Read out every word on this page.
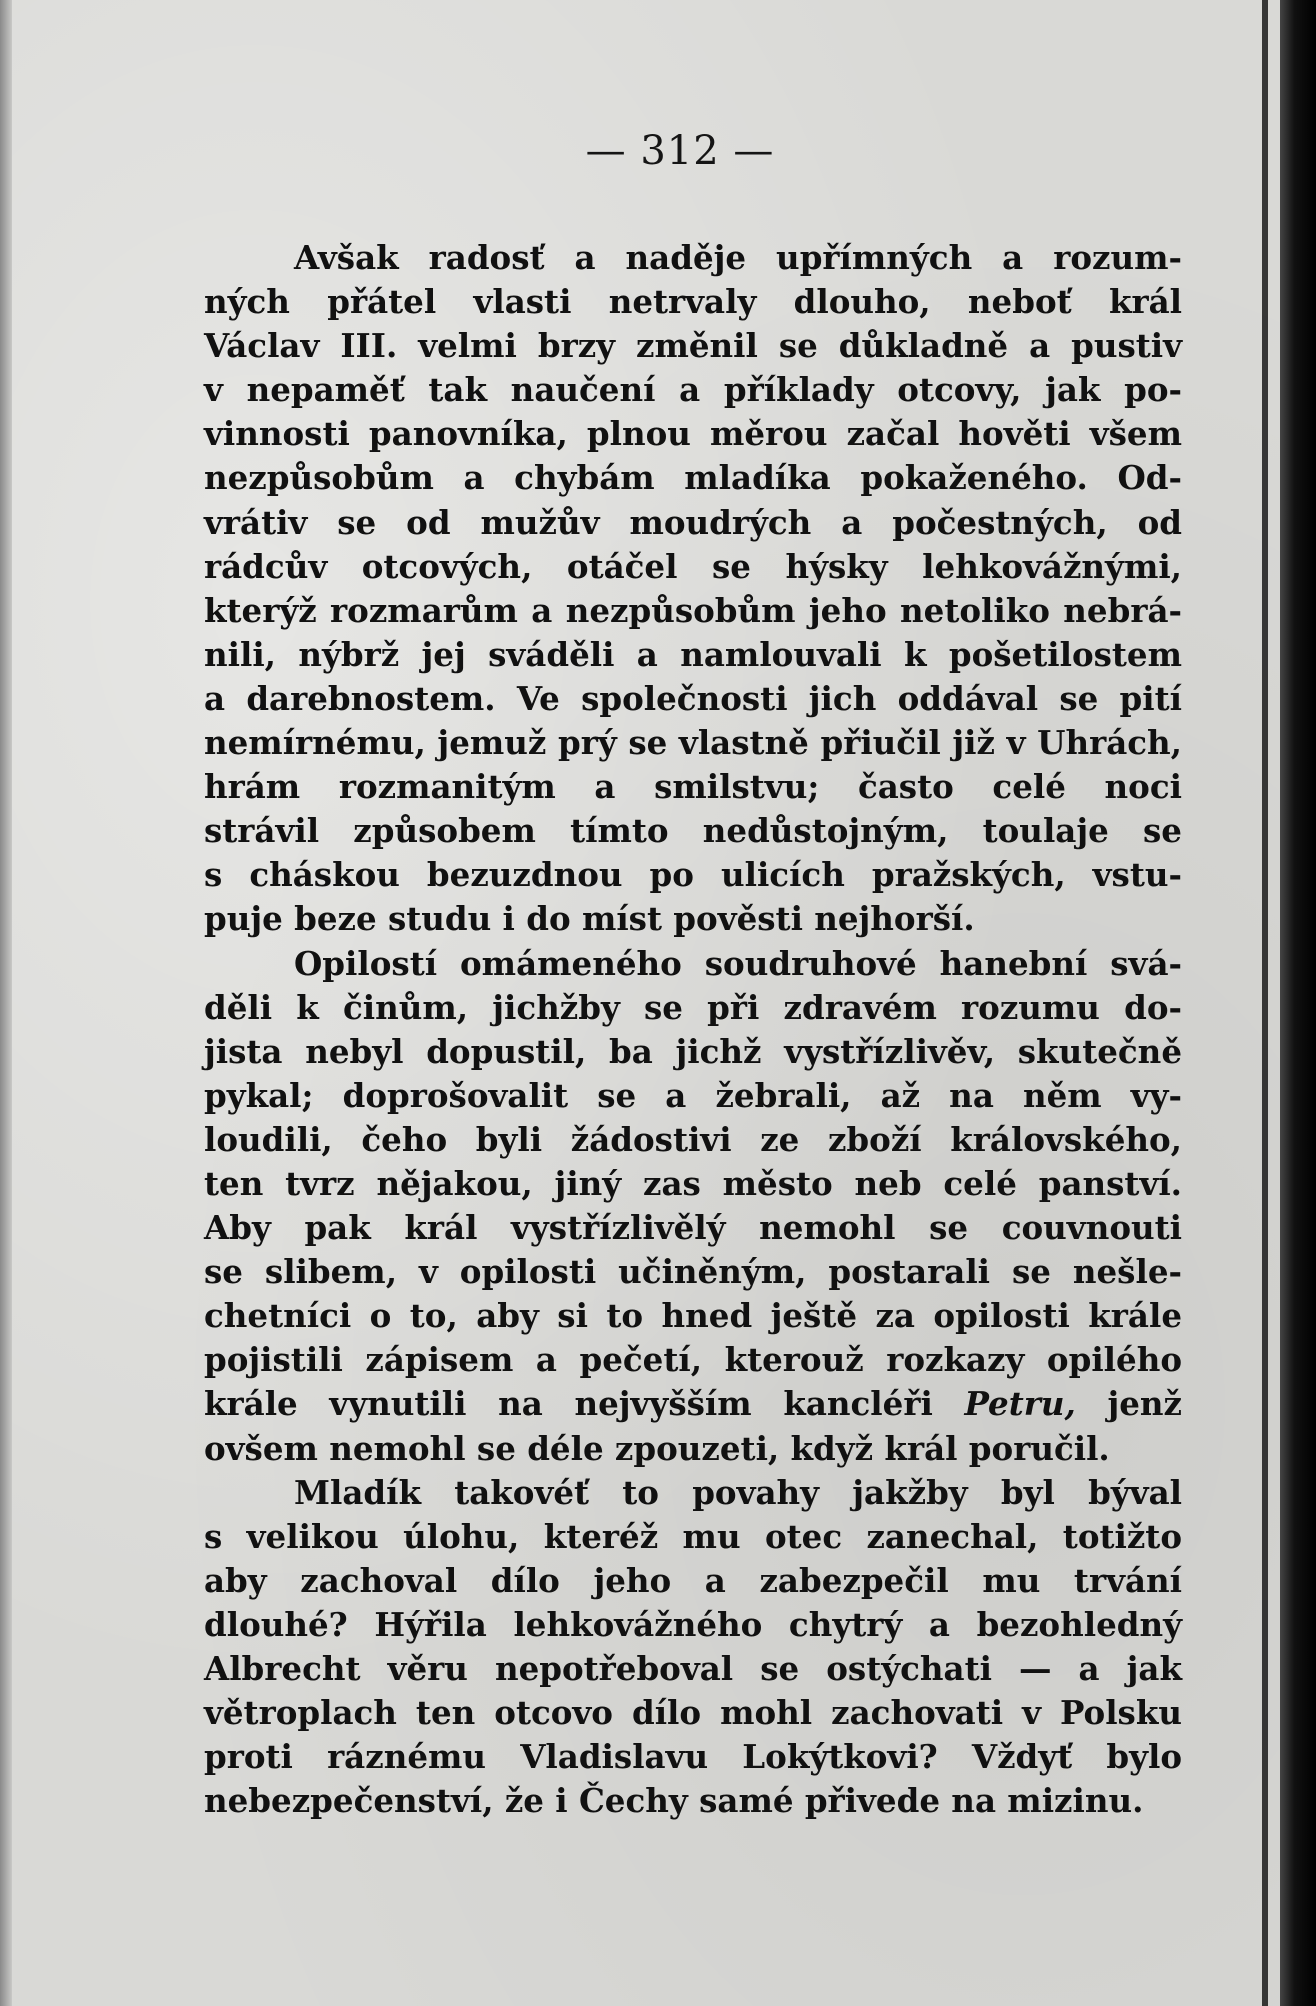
— 312 —
Avšak radosť a naděje upřímných a rozum-
ných přátel vlasti netrvaly dlouho, neboť král
Václav III. velmi brzy změnil se důkladně a pustiv
v nepaměť tak naučení a příklady otcovy, jak po-
vinnosti panovníka, plnou měrou začal hověti všem
nezpůsobům a chybám mladíka pokaženého. Od-
vrátiv se od mužův moudrých a počestných, od
rádcův otcových, otáčel se hýsky lehkovážnými,
kterýž rozmarům a nezpůsobům jeho netoliko nebrá-
nili, nýbrž jej sváděli a namlouvali k pošetilostem
a darebnostem. Ve společnosti jich oddával se pití
nemírnému, jemuž prý se vlastně přiučil již v Uhrách,
hrám rozmanitým a smilstvu; často celé noci
strávil způsobem tímto nedůstojným, toulaje se
s cháskou bezuzdnou po ulicích pražských, vstu-
puje beze studu i do míst pověsti nejhorší.
Opilostí omámeného soudruhové hanební svá-
děli k činům, jichžby se při zdravém rozumu do-
jista nebyl dopustil, ba jichž vystřízlivěv, skutečně
pykal; doprošovalit se a žebrali, až na něm vy-
loudili, čeho byli žádostivi ze zboží královského,
ten tvrz nějakou, jiný zas město neb celé panství.
Aby pak král vystřízlivělý nemohl se couvnouti
se slibem, v opilosti učiněným, postarali se nešle-
chetníci o to, aby si to hned ještě za opilosti krále
pojistili zápisem a pečetí, kterouž rozkazy opilého
krále vynutili na nejvyšším kancléři Petru, jenž
ovšem nemohl se déle zpouzeti, když král poručil.
Mladík takovéť to povahy jakžby byl býval
s velikou úlohu, kteréž mu otec zanechal, totižto
aby zachoval dílo jeho a zabezpečil mu trvání
dlouhé? Hýřila lehkovážného chytrý a bezohledný
Albrecht věru nepotřeboval se ostýchati — a jak
větroplach ten otcovo dílo mohl zachovati v Polsku
proti ráznému Vladislavu Lokýtkovi? Vždyť bylo
nebezpečenství, že i Čechy samé přivede na mizinu.
